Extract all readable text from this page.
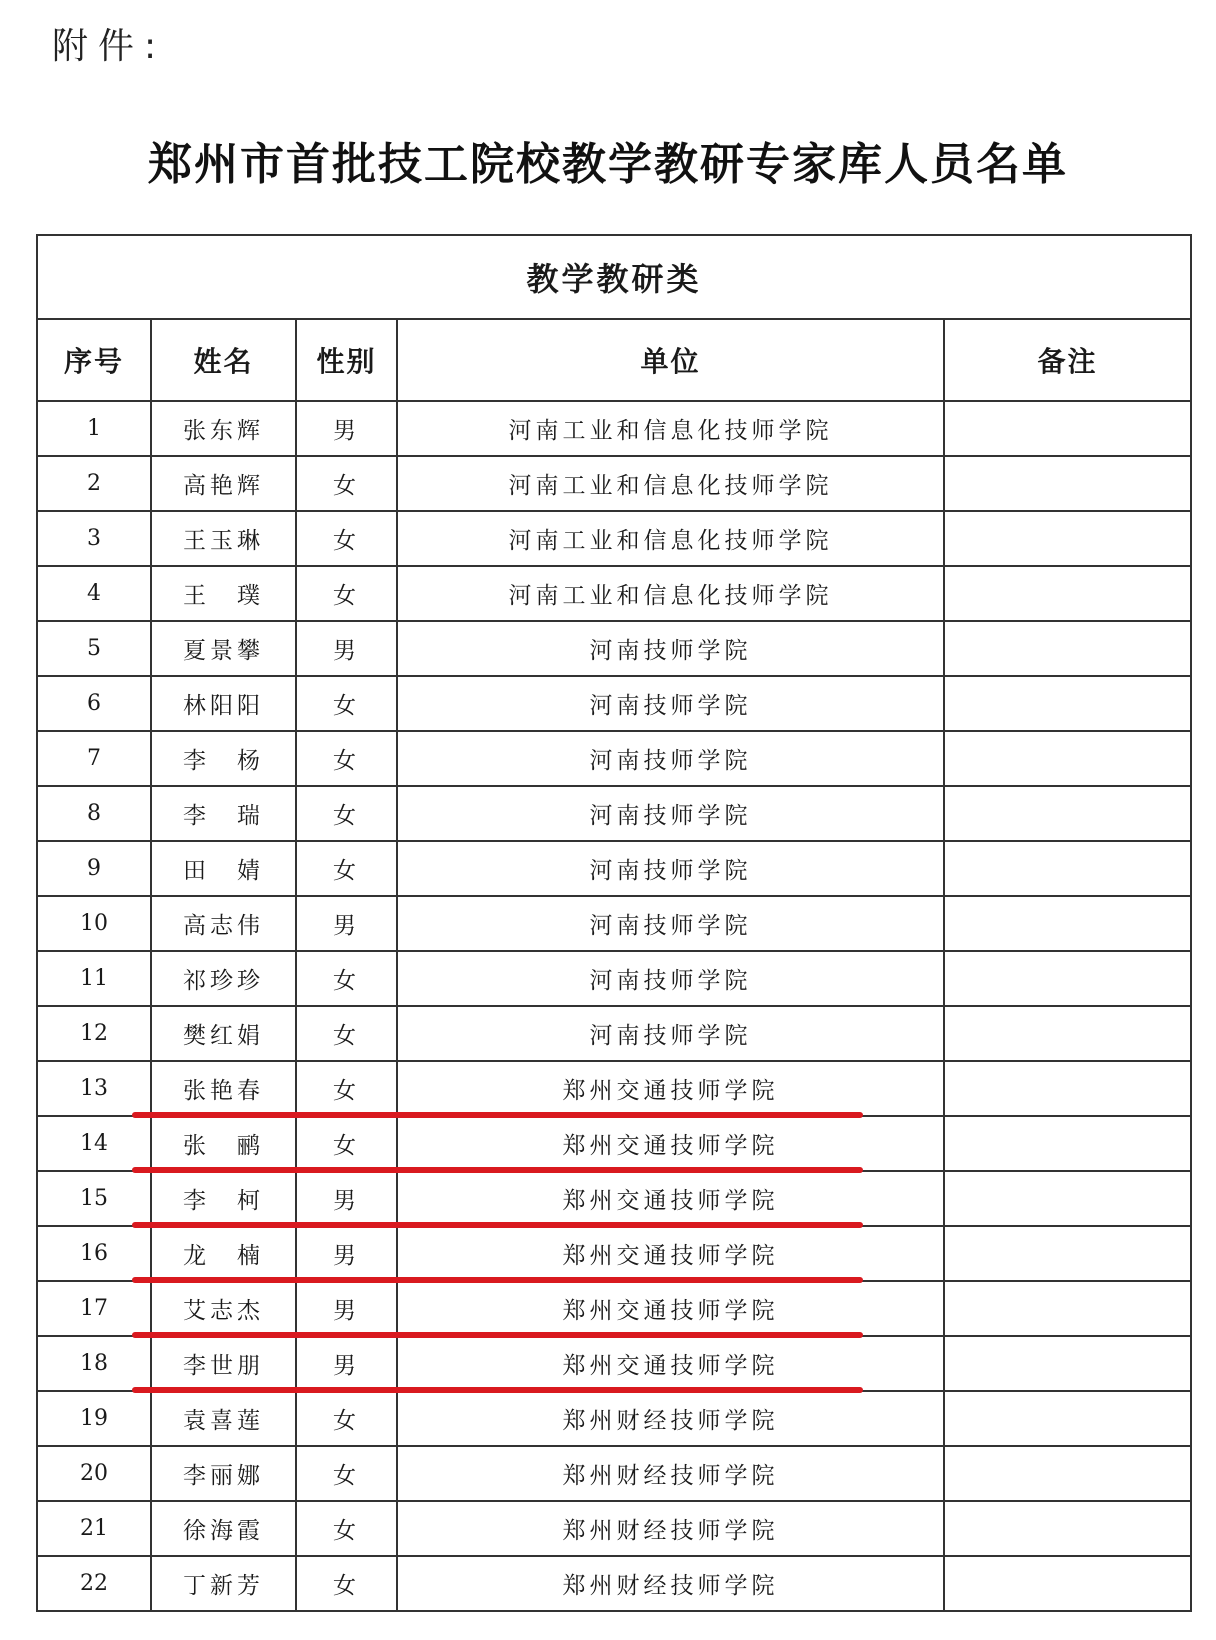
附件:
郑州市首批技工院校教学教研专家库人员名单
教学教研类				
序号	姓名	性别	单位	备注
1	张东辉	男	河南工业和信息化技师学院	
2	高艳辉	女	河南工业和信息化技师学院	
3	王玉琳	女	河南工业和信息化技师学院	
4	王　璞	女	河南工业和信息化技师学院	
5	夏景攀	男	河南技师学院	
6	林阳阳	女	河南技师学院	
7	李　杨	女	河南技师学院	
8	李　瑞	女	河南技师学院	
9	田　婧	女	河南技师学院	
10	高志伟	男	河南技师学院	
11	祁珍珍	女	河南技师学院	
12	樊红娟	女	河南技师学院	
13	张艳春	女	郑州交通技师学院	
14	张　鹂	女	郑州交通技师学院	
15	李　柯	男	郑州交通技师学院	
16	龙　楠	男	郑州交通技师学院	
17	艾志杰	男	郑州交通技师学院	
18	李世朋	男	郑州交通技师学院	
19	袁喜莲	女	郑州财经技师学院	
20	李丽娜	女	郑州财经技师学院	
21	徐海霞	女	郑州财经技师学院	
22	丁新芳	女	郑州财经技师学院	
